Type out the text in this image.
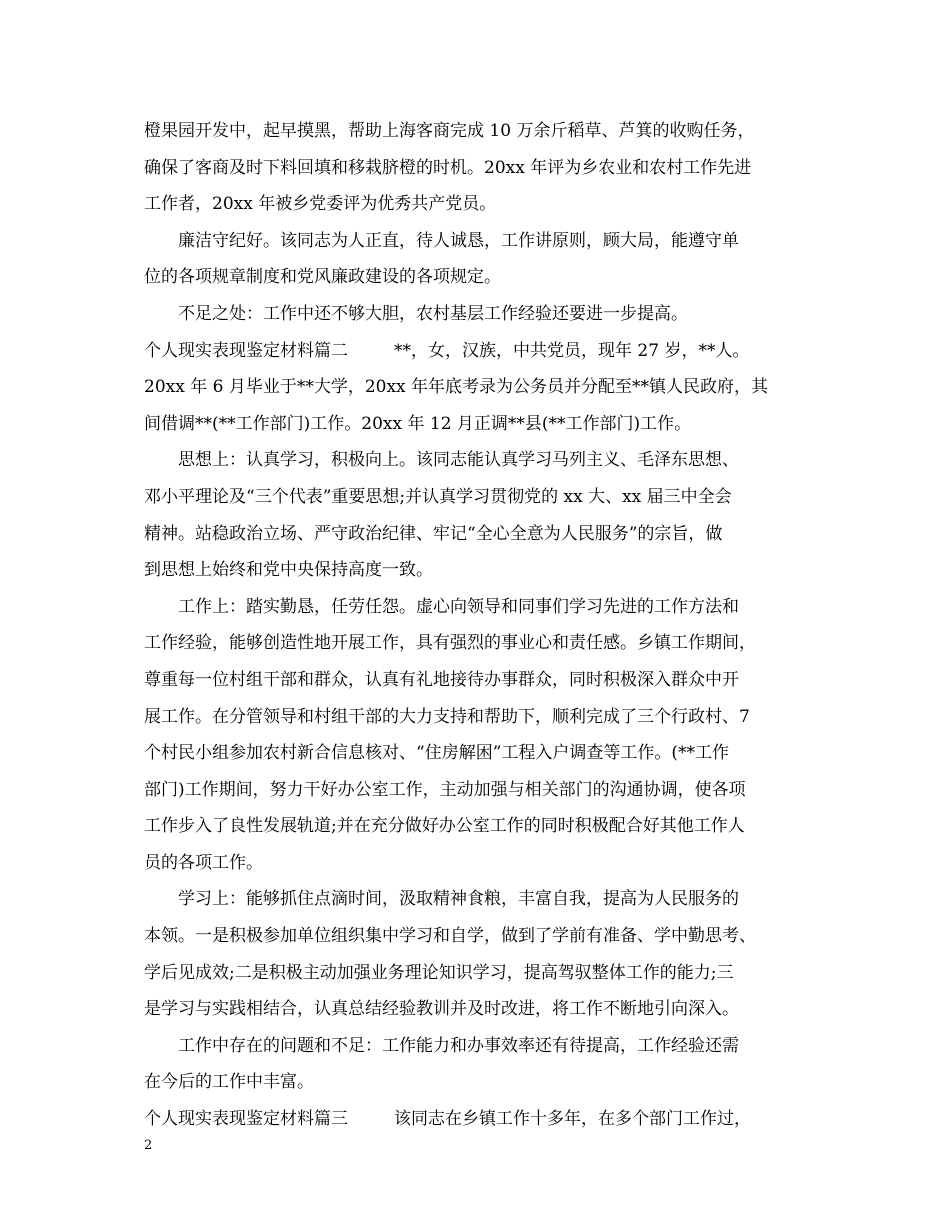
橙果园开发中，起早摸黑，帮助上海客商完成 10 万余斤稻草、芦箕的收购任务，
确保了客商及时下料回填和移栽脐橙的时机。20xx 年评为乡农业和农村工作先进
工作者，20xx 年被乡党委评为优秀共产党员。
廉洁守纪好。该同志为人正直，待人诚恳，工作讲原则，顾大局，能遵守单
位的各项规章制度和党风廉政建设的各项规定。
不足之处：工作中还不够大胆，农村基层工作经验还要进一步提高。
个人现实表现鉴定材料篇二	**，女，汉族，中共党员，现年 27 岁，**人。
20xx 年 6 月毕业于**大学，20xx 年年底考录为公务员并分配至**镇人民政府，其
间借调**(**工作部门)工作。20xx 年 12 月正调**县(**工作部门)工作。
思想上：认真学习，积极向上。该同志能认真学习马列主义、毛泽东思想、
邓小平理论及“三个代表”重要思想;并认真学习贯彻党的 xx 大、xx 届三中全会
精神。站稳政治立场、严守政治纪律、牢记“全心全意为人民服务”的宗旨，做
到思想上始终和党中央保持高度一致。
工作上：踏实勤恳，任劳任怨。虚心向领导和同事们学习先进的工作方法和
工作经验，能够创造性地开展工作，具有强烈的事业心和责任感。乡镇工作期间，
尊重每一位村组干部和群众，认真有礼地接待办事群众，同时积极深入群众中开
展工作。在分管领导和村组干部的大力支持和帮助下，顺利完成了三个行政村、7
个村民小组参加农村新合信息核对、“住房解困”工程入户调查等工作。(**工作
部门)工作期间，努力干好办公室工作，主动加强与相关部门的沟通协调，使各项
工作步入了良性发展轨道;并在充分做好办公室工作的同时积极配合好其他工作人
员的各项工作。
学习上：能够抓住点滴时间，汲取精神食粮，丰富自我，提高为人民服务的
本领。一是积极参加单位组织集中学习和自学，做到了学前有准备、学中勤思考、
学后见成效;二是积极主动加强业务理论知识学习，提高驾驭整体工作的能力;三
是学习与实践相结合，认真总结经验教训并及时改进，将工作不断地引向深入。
工作中存在的问题和不足：工作能力和办事效率还有待提高，工作经验还需
在今后的工作中丰富。
个人现实表现鉴定材料篇三	该同志在乡镇工作十多年，在多个部门工作过，
2
